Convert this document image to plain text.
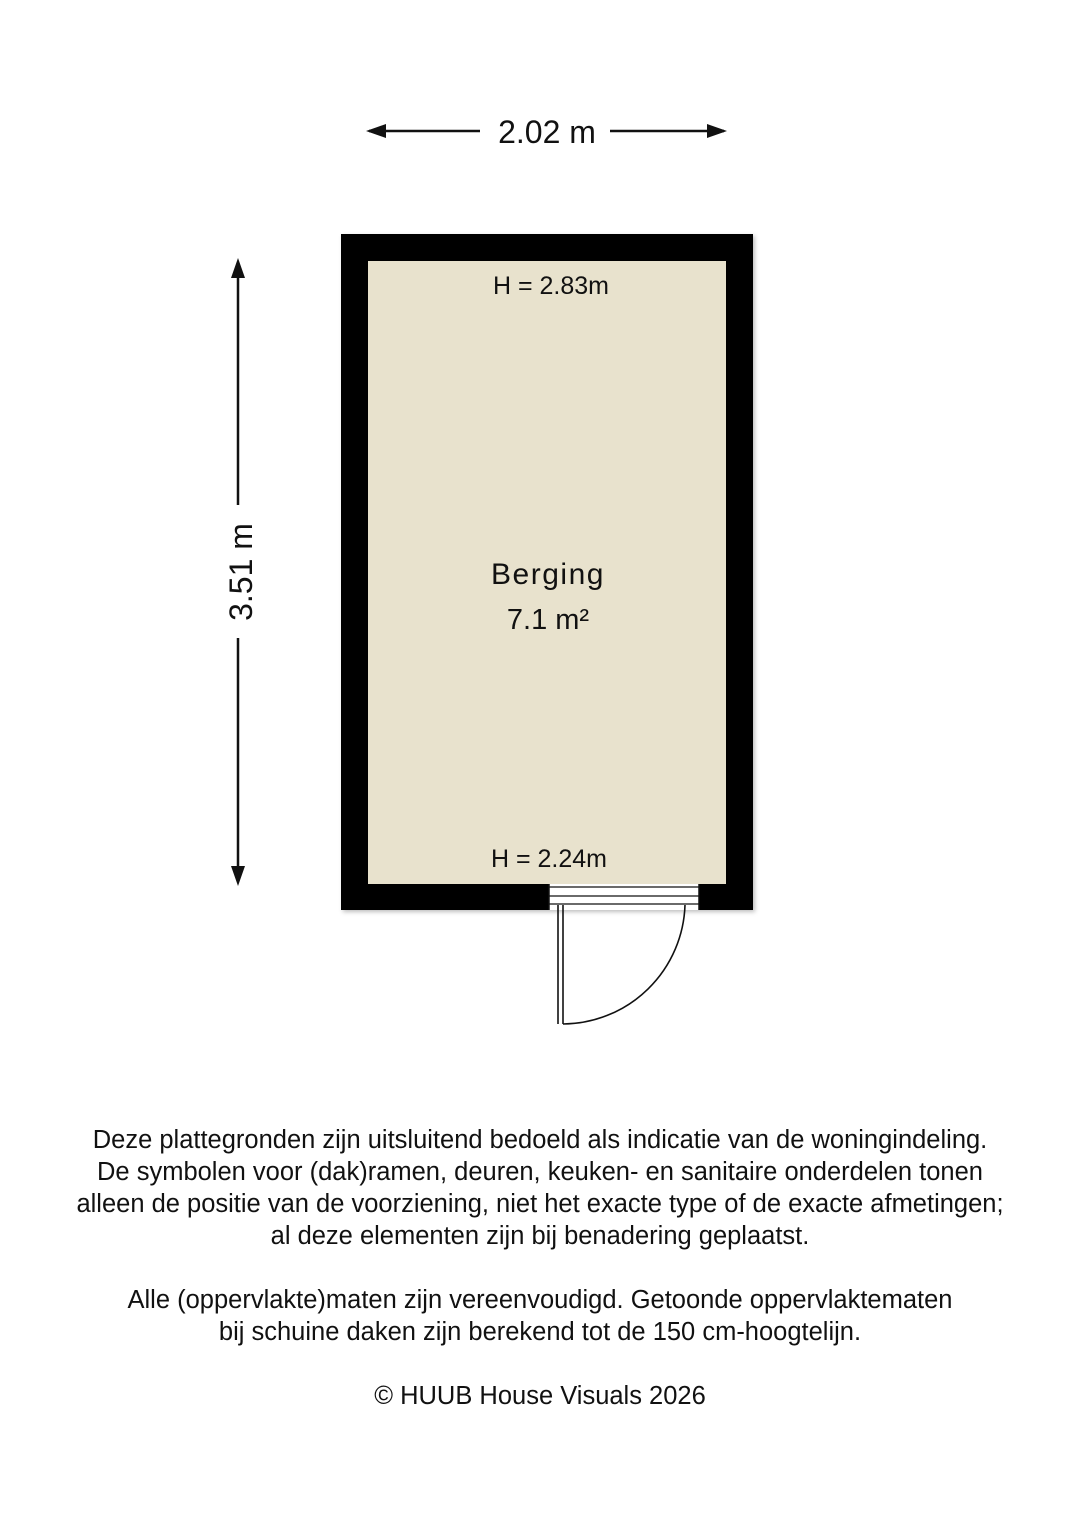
2.02 m
3.51 m
H = 2.83m
Berging
7.1 m²
H = 2.24m

Deze plattegronden zijn uitsluitend bedoeld als indicatie van de woningindeling.

De symbolen voor (dak)ramen, deuren, keuken- en sanitaire onderdelen tonen

alleen de positie van de voorziening, niet het exacte type of de exacte afmetingen;

al deze elementen zijn bij benadering geplaatst.

Alle (oppervlakte)maten zijn vereenvoudigd. Getoonde oppervlaktematen

bij schuine daken zijn berekend tot de 150 cm-hoogtelijn.

© HUUB House Visuals 2026
